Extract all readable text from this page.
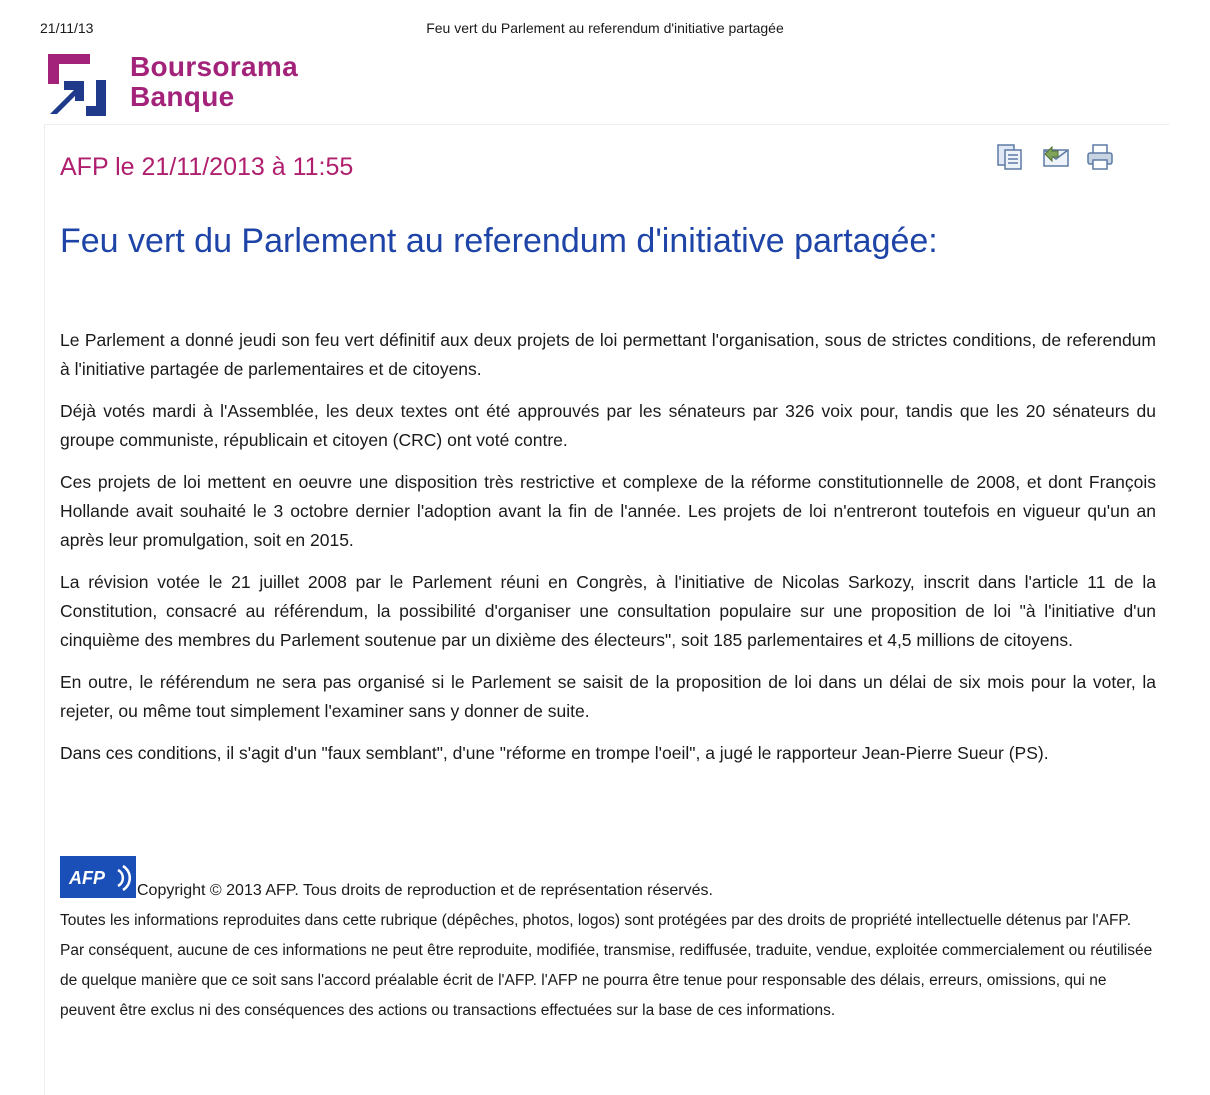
21/11/13	Feu vert du Parlement au referendum d'initiative partagée
Boursorama
Banque
AFP le 21/11/2013 à 11:55
Feu vert du Parlement au referendum d'initiative partagée:

Le Parlement a donné jeudi son feu vert définitif aux deux projets de loi permettant l'organisation, sous de strictes conditions, de referendum à l'initiative partagée de parlementaires et de citoyens.

Déjà votés mardi à l'Assemblée, les deux textes ont été approuvés par les sénateurs par 326 voix pour, tandis que les 20 sénateurs du groupe communiste, républicain et citoyen (CRC) ont voté contre.

Ces projets de loi mettent en oeuvre une disposition très restrictive et complexe de la réforme constitutionnelle de 2008, et dont François Hollande avait souhaité le 3 octobre dernier l'adoption avant la fin de l'année. Les projets de loi n'entreront toutefois en vigueur qu'un an après leur promulgation, soit en 2015.

La révision votée le 21 juillet 2008 par le Parlement réuni en Congrès, à l'initiative de Nicolas Sarkozy, inscrit dans l'article 11 de la Constitution, consacré au référendum, la possibilité d'organiser une consultation populaire sur une proposition de loi "à l'initiative d'un cinquième des membres du Parlement soutenue par un dixième des électeurs", soit 185 parlementaires et 4,5 millions de citoyens.

En outre, le référendum ne sera pas organisé si le Parlement se saisit de la proposition de loi dans un délai de six mois pour la voter, la rejeter, ou même tout simplement l'examiner sans y donner de suite.

Dans ces conditions, il s'agit d'un "faux semblant", d'une "réforme en trompe l'oeil", a jugé le rapporteur Jean-Pierre Sueur (PS).

AFP
Copyright © 2013 AFP. Tous droits de reproduction et de représentation réservés.

Toutes les informations reproduites dans cette rubrique (dépêches, photos, logos) sont protégées par des droits de propriété intellectuelle détenus par l'AFP. Par conséquent, aucune de ces informations ne peut être reproduite, modifiée, transmise, rediffusée, traduite, vendue, exploitée commercialement ou réutilisée de quelque manière que ce soit sans l'accord préalable écrit de l'AFP. l'AFP ne pourra être tenue pour responsable des délais, erreurs, omissions, qui ne peuvent être exclus ni des conséquences des actions ou transactions effectuées sur la base de ces informations.
